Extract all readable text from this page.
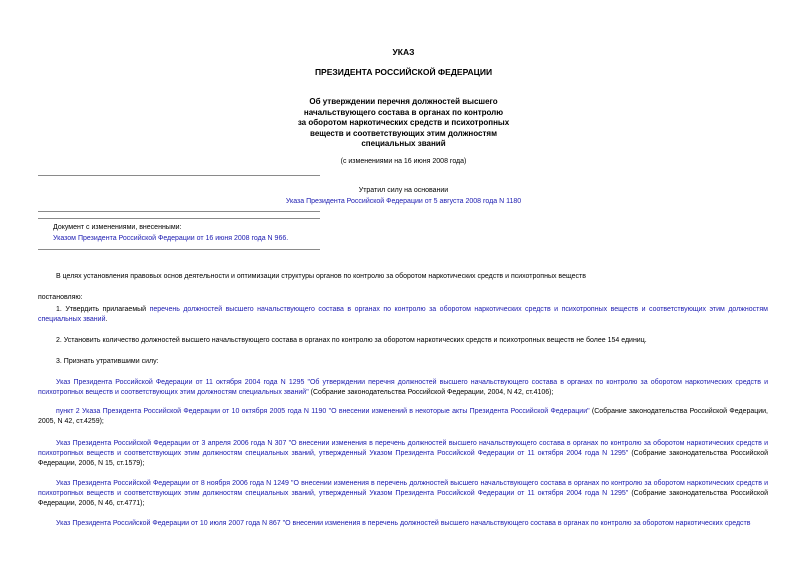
УКАЗ
ПРЕЗИДЕНТА РОССИЙСКОЙ ФЕДЕРАЦИИ
Об утверждении перечня должностей высшего
начальствующего состава в органах по контролю
за оборотом наркотических средств и психотропных
веществ и соответствующих этим должностям
специальных званий
(с изменениями на 16 июня 2008 года)
Утратил силу на основании
Указа Президента Российской Федерации от 5 августа 2008 года N 1180
Документ с изменениями, внесенными:
Указом Президента Российской Федерации от 16 июня 2008 года N 966.
В целях установления правовых основ деятельности и оптимизации структуры органов по контролю за оборотом наркотических средств и психотропных веществ
постановляю:
1. Утвердить прилагаемый перечень должностей высшего начальствующего состава в органах по контролю за оборотом наркотических средств и психотропных веществ и соответствующих этим должностям специальных званий.
2. Установить количество должностей высшего начальствующего состава в органах по контролю за оборотом наркотических средств и психотропных веществ не более 154 единиц.
3. Признать утратившими силу:
Указ Президента Российской Федерации от 11 октября 2004 года N 1295 "Об утверждении перечня должностей высшего начальствующего состава в органах по контролю за оборотом наркотических средств и психотропных веществ и соответствующих этим должностям специальных званий" (Собрание законодательства Российской Федерации, 2004, N 42, ст.4106);
пункт 2 Указа Президента Российской Федерации от 10 октября 2005 года N 1190 "О внесении изменений в некоторые акты Президента Российской Федерации" (Собрание законодательства Российской Федерации, 2005, N 42, ст.4259);
Указ Президента Российской Федерации от 3 апреля 2006 года N 307 "О внесении изменения в перечень должностей высшего начальствующего состава в органах по контролю за оборотом наркотических средств и психотропных веществ и соответствующих этим должностям специальных званий, утвержденный Указом Президента Российской Федерации от 11 октября 2004 года N 1295" (Собрание законодательства Российской Федерации, 2006, N 15, ст.1579);
Указ Президента Российской Федерации от 8 ноября 2006 года N 1249 "О внесении изменения в перечень должностей высшего начальствующего состава в органах по контролю за оборотом наркотических средств и психотропных веществ и соответствующих этим должностям специальных званий, утвержденный Указом Президента Российской Федерации от 11 октября 2004 года N 1295" (Собрание законодательства Российской Федерации, 2006, N 46, ст.4771);
Указ Президента Российской Федерации от 10 июля 2007 года N 867 "О внесении изменения в перечень должностей высшего начальствующего состава в органах по контролю за оборотом наркотических средств
